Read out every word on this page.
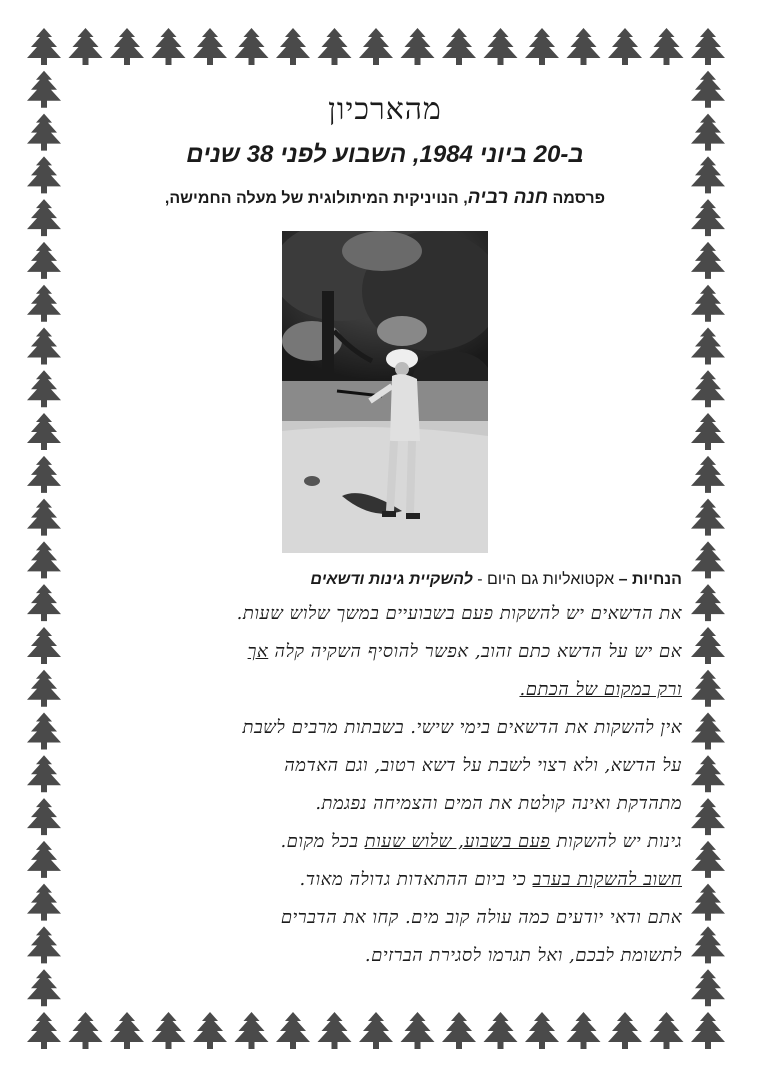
מהארכיון
ב-20 ביוני 1984, השבוע לפני 38 שנים

פרסמה חנה רביה, הנויניקית המיתולוגית של מעלה החמישה,

הנחיות – אקטואליות גם היום - להשקיית גינות ודשאים

את הדשאים יש להשקות פעם בשבועיים במשך שלוש שעות.

אם יש על הדשא כתם זהוב, אפשר להוסיף השקיה קלה אך

ורק במקום של הכתם.

אין להשקות את הדשאים בימי שישי. בשבתות מרבים לשבת

על הדשא, ולא רצוי לשבת על דשא רטוב, וגם האדמה

מתהדקת ואינה קולטת את המים והצמיחה נפגמת.

גינות יש להשקות פעם בשבוע, שלוש שעות בכל מקום.

חשוב להשקות בערב כי ביום ההתאדות גדולה מאוד.

אתם ודאי יודעים כמה עולה קוב מים. קחו את הדברים

לתשומת לבכם, ואל תגרמו לסגירת הברזים.
